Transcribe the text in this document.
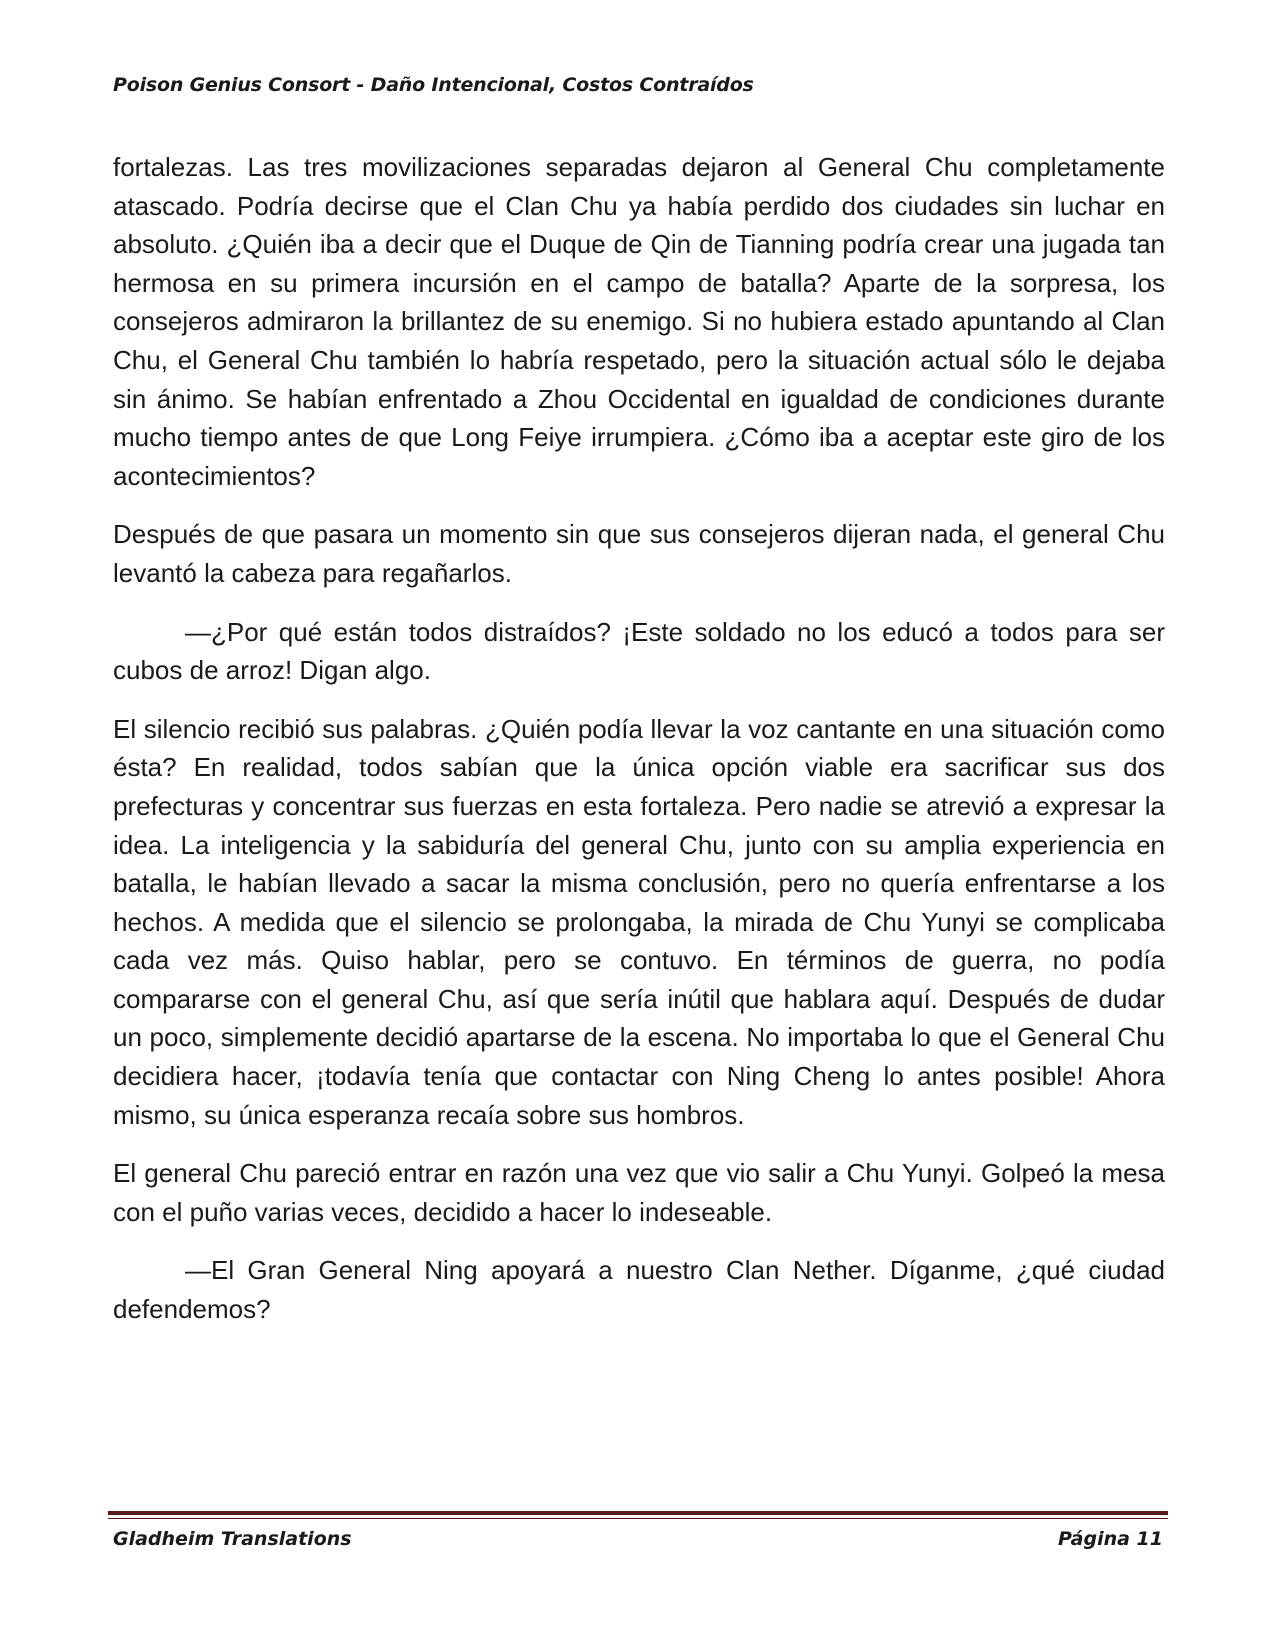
Poison Genius Consort - Daño Intencional, Costos Contraídos

fortalezas. Las tres movilizaciones separadas dejaron al General Chu completamente atascado. Podría decirse que el Clan Chu ya había perdido dos ciudades sin luchar en absoluto. ¿Quién iba a decir que el Duque de Qin de Tianning podría crear una jugada tan hermosa en su primera incursión en el campo de batalla? Aparte de la sorpresa, los consejeros admiraron la brillantez de su enemigo. Si no hubiera estado apuntando al Clan Chu, el General Chu también lo habría respetado, pero la situación actual sólo le dejaba sin ánimo. Se habían enfrentado a Zhou Occidental en igualdad de condiciones durante mucho tiempo antes de que Long Feiye irrumpiera. ¿Cómo iba a aceptar este giro de los acontecimientos?

Después de que pasara un momento sin que sus consejeros dijeran nada, el general Chu levantó la cabeza para regañarlos.

—¿Por qué están todos distraídos? ¡Este soldado no los educó a todos para ser cubos de arroz! Digan algo.

El silencio recibió sus palabras. ¿Quién podía llevar la voz cantante en una situación como ésta? En realidad, todos sabían que la única opción viable era sacrificar sus dos prefecturas y concentrar sus fuerzas en esta fortaleza. Pero nadie se atrevió a expresar la idea. La inteligencia y la sabiduría del general Chu, junto con su amplia experiencia en batalla, le habían llevado a sacar la misma conclusión, pero no quería enfrentarse a los hechos. A medida que el silencio se prolongaba, la mirada de Chu Yunyi se complicaba cada vez más. Quiso hablar, pero se contuvo. En términos de guerra, no podía compararse con el general Chu, así que sería inútil que hablara aquí. Después de dudar un poco, simplemente decidió apartarse de la escena. No importaba lo que el General Chu decidiera hacer, ¡todavía tenía que contactar con Ning Cheng lo antes posible! Ahora mismo, su única esperanza recaía sobre sus hombros.

El general Chu pareció entrar en razón una vez que vio salir a Chu Yunyi. Golpeó la mesa con el puño varias veces, decidido a hacer lo indeseable.

—El Gran General Ning apoyará a nuestro Clan Nether. Díganme, ¿qué ciudad defendemos?

Gladheim Translations	Página 11
